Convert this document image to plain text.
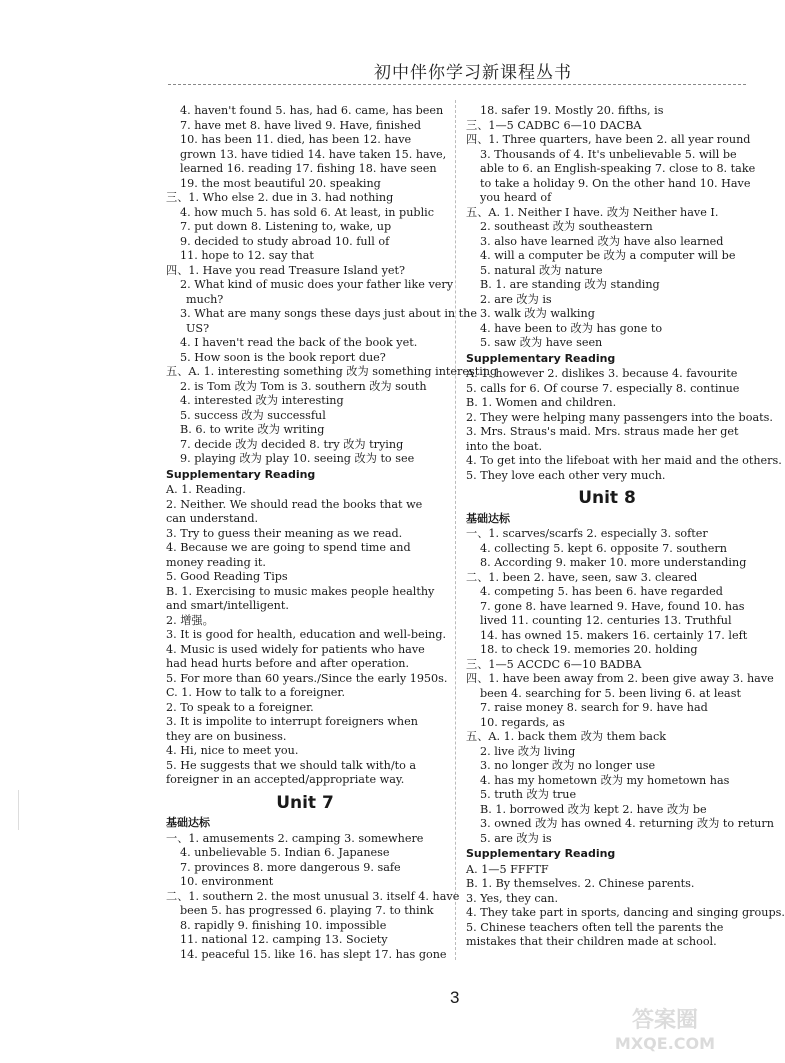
初中伴你学习新课程丛书
4. haven't found 5. has, had 6. came, has been
7. have met 8. have lived 9. Have, finished
10. has been 11. died, has been 12. have
grown 13. have tidied 14. have taken 15. have,
learned 16. reading 17. fishing 18. have seen
19. the most beautiful 20. speaking
三、1. Who else 2. due in 3. had nothing
4. how much 5. has sold 6. At least, in public
7. put down 8. Listening to, wake, up
9. decided to study abroad 10. full of
11. hope to 12. say that
四、1. Have you read Treasure Island yet?
2. What kind of music does your father like very
much?
3. What are many songs these days just about in the
US?
4. I haven't read the back of the book yet.
5. How soon is the book report due?
五、A. 1. interesting something 改为 something interesting
2. is Tom 改为 Tom is 3. southern 改为 south
4. interested 改为 interesting
5. success 改为 successful
B. 6. to write 改为 writing
7. decide 改为 decided 8. try 改为 trying
9. playing 改为 play 10. seeing 改为 to see
Supplementary Reading
A. 1. Reading.
2. Neither. We should read the books that we can understand.
3. Try to guess their meaning as we read.
4. Because we are going to spend time and money reading it.
5. Good Reading Tips
B. 1. Exercising to music makes people healthy and smart/intelligent.
2. 增强。
3. It is good for health, education and well-being.
4. Music is used widely for patients who have had head hurts before and after operation.
5. For more than 60 years./Since the early 1950s.
C. 1. How to talk to a foreigner.
2. To speak to a foreigner.
3. It is impolite to interrupt foreigners when they are on business.
4. Hi, nice to meet you.
5. He suggests that we should talk with/to a foreigner in an accepted/appropriate way.
Unit 7
基础达标
一、1. amusements 2. camping 3. somewhere
4. unbelievable 5. Indian 6. Japanese
7. provinces 8. more dangerous 9. safe
10. environment
二、1. southern 2. the most unusual 3. itself 4. have
been 5. has progressed 6. playing 7. to think
8. rapidly 9. finishing 10. impossible
11. national 12. camping 13. Society
14. peaceful 15. like 16. has slept 17. has gone
18. safer 19. Mostly 20. fifths, is
三、1—5 CADBC 6—10 DACBA
四、1. Three quarters, have been 2. all year round
3. Thousands of 4. It's unbelievable 5. will be
able to 6. an English-speaking 7. close to 8. take
to take a holiday 9. On the other hand 10. Have
you heard of
五、A. 1. Neither I have. 改为 Neither have I.
2. southeast 改为 southeastern
3. also have learned 改为 have also learned
4. will a computer be 改为 a computer will be
5. natural 改为 nature
B. 1. are standing 改为 standing
2. are 改为 is
3. walk 改为 walking
4. have been to 改为 has gone to
5. saw 改为 have seen
Supplementary Reading
A. 1. however 2. dislikes 3. because 4. favourite
5. calls for 6. Of course 7. especially 8. continue
B. 1. Women and children.
2. They were helping many passengers into the boats.
3. Mrs. Straus's maid. Mrs. straus made her get into the boat.
4. To get into the lifeboat with her maid and the others.
5. They love each other very much.
Unit 8
基础达标
一、1. scarves/scarfs 2. especially 3. softer
4. collecting 5. kept 6. opposite 7. southern
8. According 9. maker 10. more understanding
二、1. been 2. have, seen, saw 3. cleared
4. competing 5. has been 6. have regarded
7. gone 8. have learned 9. Have, found 10. has
lived 11. counting 12. centuries 13. Truthful
14. has owned 15. makers 16. certainly 17. left
18. to check 19. memories 20. holding
三、1—5 ACCDC 6—10 BADBA
四、1. have been away from 2. been give away 3. have
been 4. searching for 5. been living 6. at least
7. raise money 8. search for 9. have had
10. regards, as
五、A. 1. back them 改为 them back
2. live 改为 living
3. no longer 改为 no longer use
4. has my hometown 改为 my hometown has
5. truth 改为 true
B. 1. borrowed 改为 kept 2. have 改为 be
3. owned 改为 has owned 4. returning 改为 to return
5. are 改为 is
Supplementary Reading
A. 1—5 FFFTF
B. 1. By themselves. 2. Chinese parents.
3. Yes, they can.
4. They take part in sports, dancing and singing groups.
5. Chinese teachers often tell the parents the mistakes that their children made at school.
3
答案圈
MXQE.COM
